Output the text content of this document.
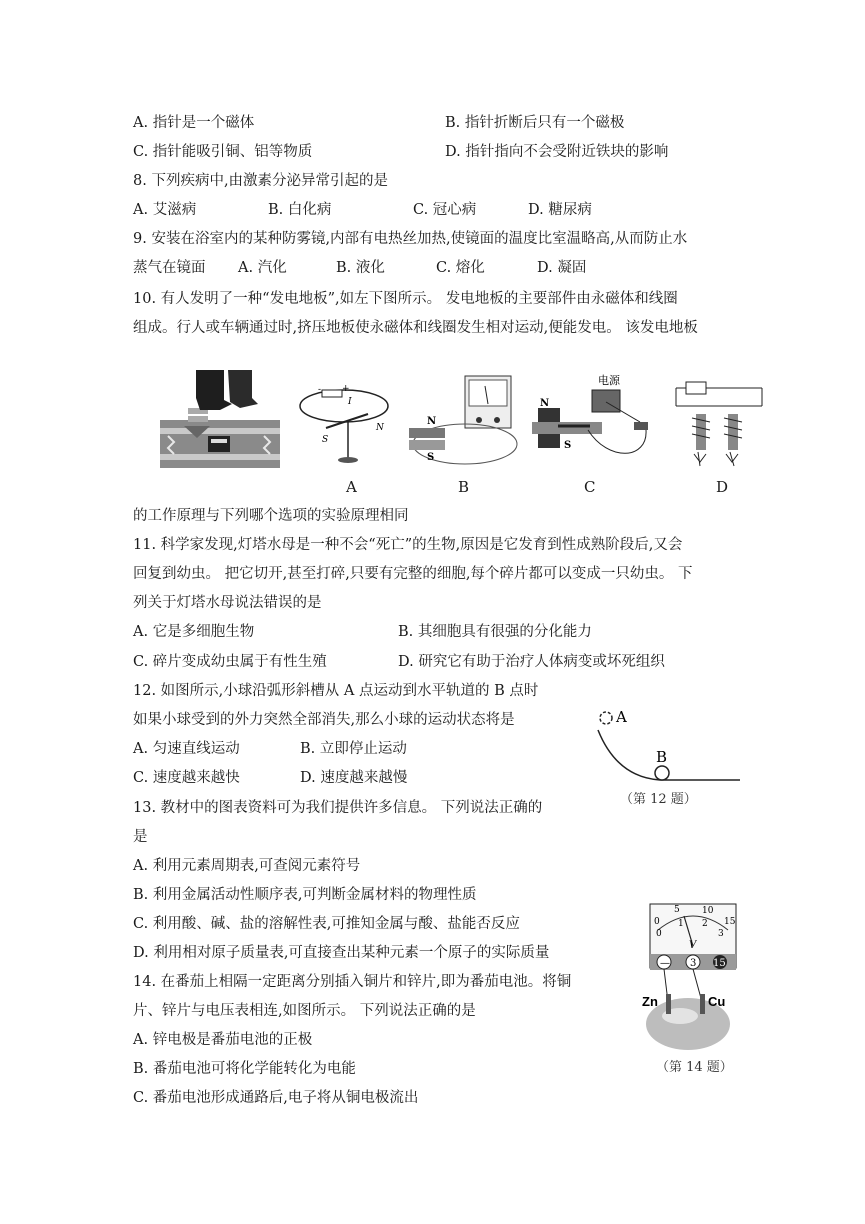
A. 指针是一个磁体	B. 指针折断后只有一个磁极
C. 指针能吸引铜、铝等物质	D. 指针指向不会受附近铁块的影响
8. 下列疾病中,由激素分泌异常引起的是
A. 艾滋病	B. 白化病	C. 冠心病	D. 糖尿病
9. 安装在浴室内的某种防雾镜,内部有电热丝加热,使镜面的温度比室温略高,从而防止水
蒸气在镜面 A. 汽化	B. 液化	C. 熔化	D. 凝固
10. 有人发明了一种“发电地板”,如左下图所示。 发电地板的主要部件由永磁体和线圈
组成。行人或车辆通过时,挤压地板使永磁体和线圈发生相对运动,便能发电。 该发电地板
- +
I
S
N
N
S
电源
N
S
A	B	C	D
的工作原理与下列哪个选项的实验原理相同
11. 科学家发现,灯塔水母是一种不会“死亡”的生物,原因是它发育到性成熟阶段后,又会
回复到幼虫。 把它切开,甚至打碎,只要有完整的细胞,每个碎片都可以变成一只幼虫。 下
列关于灯塔水母说法错误的是
A. 它是多细胞生物	B. 其细胞具有很强的分化能力
C. 碎片变成幼虫属于有性生殖	D. 研究它有助于治疗人体病变或坏死组织
12. 如图所示,小球沿弧形斜槽从 A 点运动到水平轨道的 B 点时
如果小球受到的外力突然全部消失,那么小球的运动状态将是
A. 匀速直线运动	B. 立即停止运动
C. 速度越来越快	D. 速度越来越慢
A
B
（第 12 题）
13. 教材中的图表资料可为我们提供许多信息。 下列说法正确的
是
A. 利用元素周期表,可查阅元素符号
B. 利用金属活动性顺序表,可判断金属材料的物理性质
C. 利用酸、碱、盐的溶解性表,可推知金属与酸、盐能否反应
D. 利用相对原子质量表,可直接查出某种元素一个原子的实际质量
0
5 10
15
0
1 2
3
V
— 3 15
Zn	Cu
（第 14 题）
14. 在番茄上相隔一定距离分别插入铜片和锌片,即为番茄电池。将铜
片、锌片与电压表相连,如图所示。 下列说法正确的是
A. 锌电极是番茄电池的正极
B. 番茄电池可将化学能转化为电能
C. 番茄电池形成通路后,电子将从铜电极流出
